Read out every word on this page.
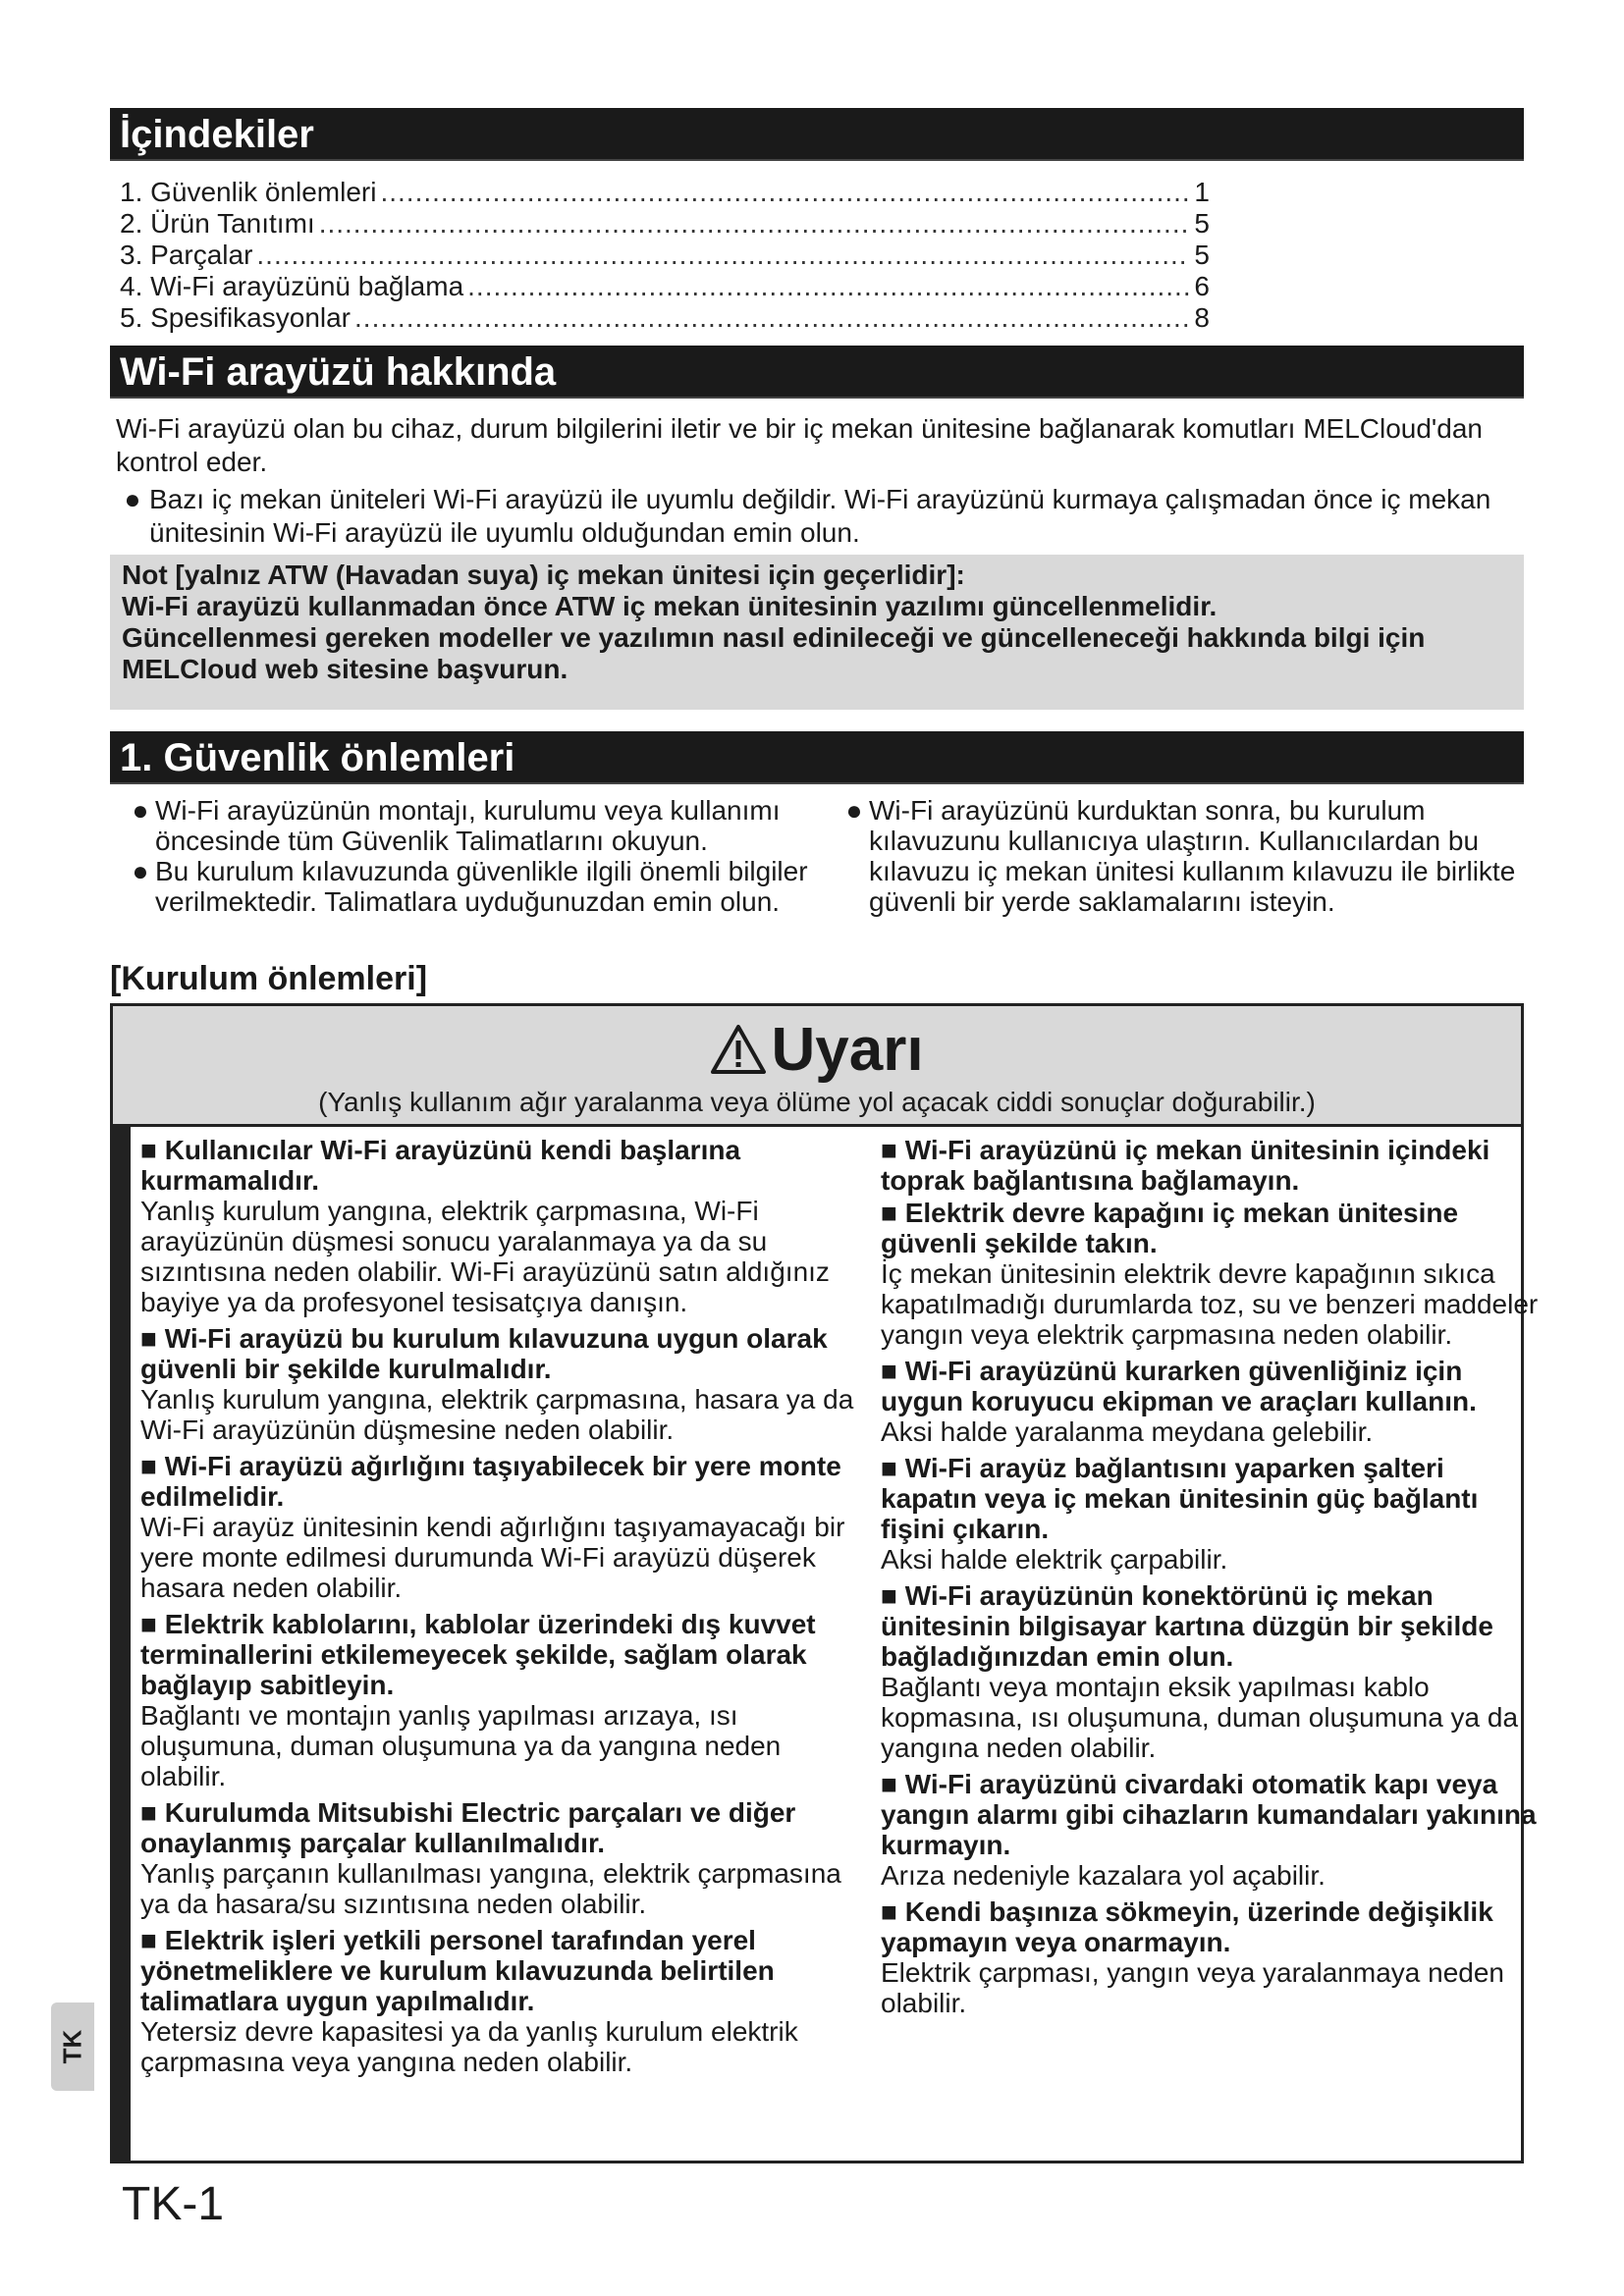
İçindekiler
1. Güvenlik önlemleri .....	1
2. Ürün Tanıtımı .....	5
3. Parçalar .....	5
4. Wi-Fi arayüzünü bağlama .....	6
5. Spesifikasyonlar .....	8
Wi-Fi arayüzü hakkında

Wi-Fi arayüzü olan bu cihaz, durum bilgilerini iletir ve bir iç mekan ünitesine bağlanarak komutları MELCloud'dan kontrol eder.

● Bazı iç mekan üniteleri Wi-Fi arayüzü ile uyumlu değildir. Wi-Fi arayüzünü kurmaya çalışmadan önce iç mekan ünitesinin Wi-Fi arayüzü ile uyumlu olduğundan emin olun.

Not [yalnız ATW (Havadan suya) iç mekan ünitesi için geçerlidir]:

Wi-Fi arayüzü kullanmadan önce ATW iç mekan ünitesinin yazılımı güncellenmelidir.

Güncellenmesi gereken modeller ve yazılımın nasıl edinileceği ve güncelleneceği hakkında bilgi için MELCloud web sitesine başvurun.

1. Güvenlik önlemleri
● Wi-Fi arayüzünün montajı, kurulumu veya kullanımı öncesinde tüm Güvenlik Talimatlarını okuyun.
● Bu kurulum kılavuzunda güvenlikle ilgili önemli bilgiler verilmektedir. Talimatlara uyduğunuzdan emin olun.
● Wi-Fi arayüzünü kurduktan sonra, bu kurulum kılavuzunu kullanıcıya ulaştırın. Kullanıcılardan bu kılavuzu iç mekan ünitesi kullanım kılavuzu ile birlikte güvenli bir yerde saklamalarını isteyin.
[Kurulum önlemleri]
Uyarı
(Yanlış kullanım ağır yaralanma veya ölüme yol açacak ciddi sonuçlar doğurabilir.)

■ Kullanıcılar Wi-Fi arayüzünü kendi başlarına kurmamalıdır.

Yanlış kurulum yangına, elektrik çarpmasına, Wi-Fi arayüzünün düşmesi sonucu yaralanmaya ya da su sızıntısına neden olabilir. Wi-Fi arayüzünü satın aldığınız bayiye ya da profesyonel tesisatçıya danışın.

■ Wi-Fi arayüzü bu kurulum kılavuzuna uygun olarak güvenli bir şekilde kurulmalıdır.

Yanlış kurulum yangına, elektrik çarpmasına, hasara ya da Wi-Fi arayüzünün düşmesine neden olabilir.

■ Wi-Fi arayüzü ağırlığını taşıyabilecek bir yere monte edilmelidir.

Wi-Fi arayüz ünitesinin kendi ağırlığını taşıyamayacağı bir yere monte edilmesi durumunda Wi-Fi arayüzü düşerek hasara neden olabilir.

■ Elektrik kablolarını, kablolar üzerindeki dış kuvvet terminallerini etkilemeyecek şekilde, sağlam olarak bağlayıp sabitleyin.

Bağlantı ve montajın yanlış yapılması arızaya, ısı oluşumuna, duman oluşumuna ya da yangına neden olabilir.

■ Kurulumda Mitsubishi Electric parçaları ve diğer onaylanmış parçalar kullanılmalıdır.

Yanlış parçanın kullanılması yangına, elektrik çarpmasına ya da hasara/su sızıntısına neden olabilir.

■ Elektrik işleri yetkili personel tarafından yerel yönetmeliklere ve kurulum kılavuzunda belirtilen talimatlara uygun yapılmalıdır.

Yetersiz devre kapasitesi ya da yanlış kurulum elektrik çarpmasına veya yangına neden olabilir.

■ Wi-Fi arayüzünü iç mekan ünitesinin içindeki toprak bağlantısına bağlamayın.

■ Elektrik devre kapağını iç mekan ünitesine güvenli şekilde takın.

İç mekan ünitesinin elektrik devre kapağının sıkıca kapatılmadığı durumlarda toz, su ve benzeri maddeler yangın veya elektrik çarpmasına neden olabilir.

■ Wi-Fi arayüzünü kurarken güvenliğiniz için uygun koruyucu ekipman ve araçları kullanın.

Aksi halde yaralanma meydana gelebilir.

■ Wi-Fi arayüz bağlantısını yaparken şalteri kapatın veya iç mekan ünitesinin güç bağlantı fişini çıkarın.

Aksi halde elektrik çarpabilir.

■ Wi-Fi arayüzünün konektörünü iç mekan ünitesinin bilgisayar kartına düzgün bir şekilde bağladığınızdan emin olun.

Bağlantı veya montajın eksik yapılması kablo kopmasına, ısı oluşumuna, duman oluşumuna ya da yangına neden olabilir.

■ Wi-Fi arayüzünü civardaki otomatik kapı veya yangın alarmı gibi cihazların kumandaları yakınına kurmayın.

Arıza nedeniyle kazalara yol açabilir.

■ Kendi başınıza sökmeyin, üzerinde değişiklik yapmayın veya onarmayın.

Elektrik çarpması, yangın veya yaralanmaya neden olabilir.

TK
TK-1
